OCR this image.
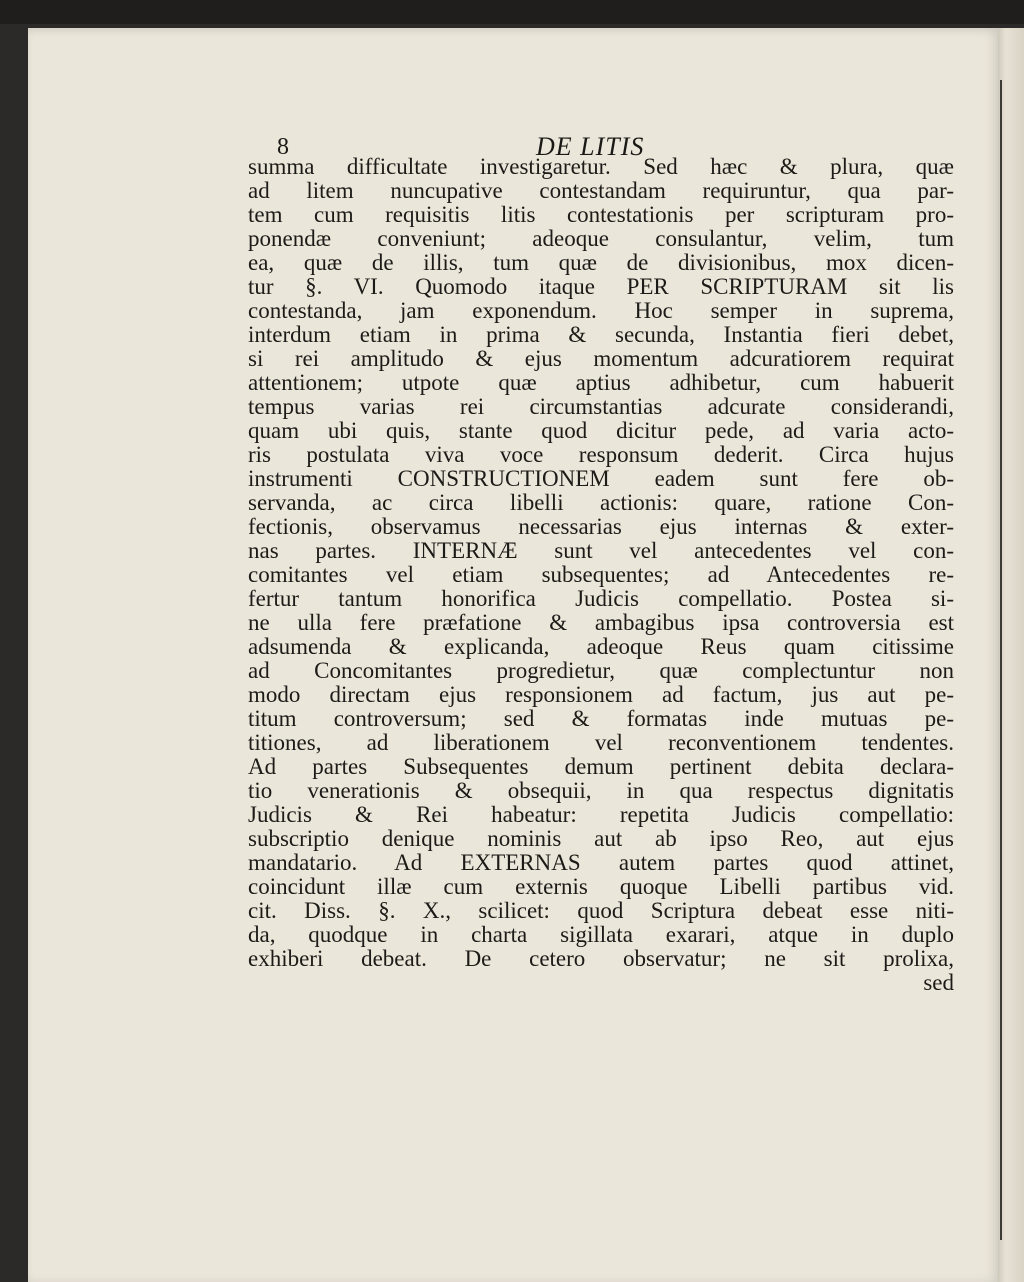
8	DE LITIS
summa difficultate investigaretur. Sed hæc & plura, quæ
ad litem nuncupative contestandam requiruntur, qua par-
tem cum requisitis litis contestationis per scripturam pro-
ponendæ conveniunt; adeoque consulantur, velim, tum
ea, quæ de illis, tum quæ de divisionibus, mox dicen-
tur §. VI. Quomodo itaque PER SCRIPTURAM sit lis
contestanda, jam exponendum. Hoc semper in suprema,
interdum etiam in prima & secunda, Instantia fieri debet,
si rei amplitudo & ejus momentum adcuratiorem requirat
attentionem; utpote quæ aptius adhibetur, cum habuerit
tempus varias rei circumstantias adcurate considerandi,
quam ubi quis, stante quod dicitur pede, ad varia acto-
ris postulata viva voce responsum dederit. Circa hujus
instrumenti CONSTRUCTIONEM eadem sunt fere ob-
servanda, ac circa libelli actionis: quare, ratione Con-
fectionis, observamus necessarias ejus internas & exter-
nas partes. INTERNÆ sunt vel antecedentes vel con-
comitantes vel etiam subsequentes; ad Antecedentes re-
fertur tantum honorifica Judicis compellatio. Postea si-
ne ulla fere præfatione & ambagibus ipsa controversia est
adsumenda & explicanda, adeoque Reus quam citissime
ad Concomitantes progredietur, quæ complectuntur non
modo directam ejus responsionem ad factum, jus aut pe-
titum controversum; sed & formatas inde mutuas pe-
titiones, ad liberationem vel reconventionem tendentes.
Ad partes Subsequentes demum pertinent debita declara-
tio venerationis & obsequii, in qua respectus dignitatis
Judicis & Rei habeatur: repetita Judicis compellatio:
subscriptio denique nominis aut ab ipso Reo, aut ejus
mandatario. Ad EXTERNAS autem partes quod attinet,
coincidunt illæ cum externis quoque Libelli partibus vid.
cit. Diss. §. X., scilicet: quod Scriptura debeat esse niti-
da, quodque in charta sigillata exarari, atque in duplo
exhiberi debeat. De cetero observatur; ne sit prolixa,
sed
